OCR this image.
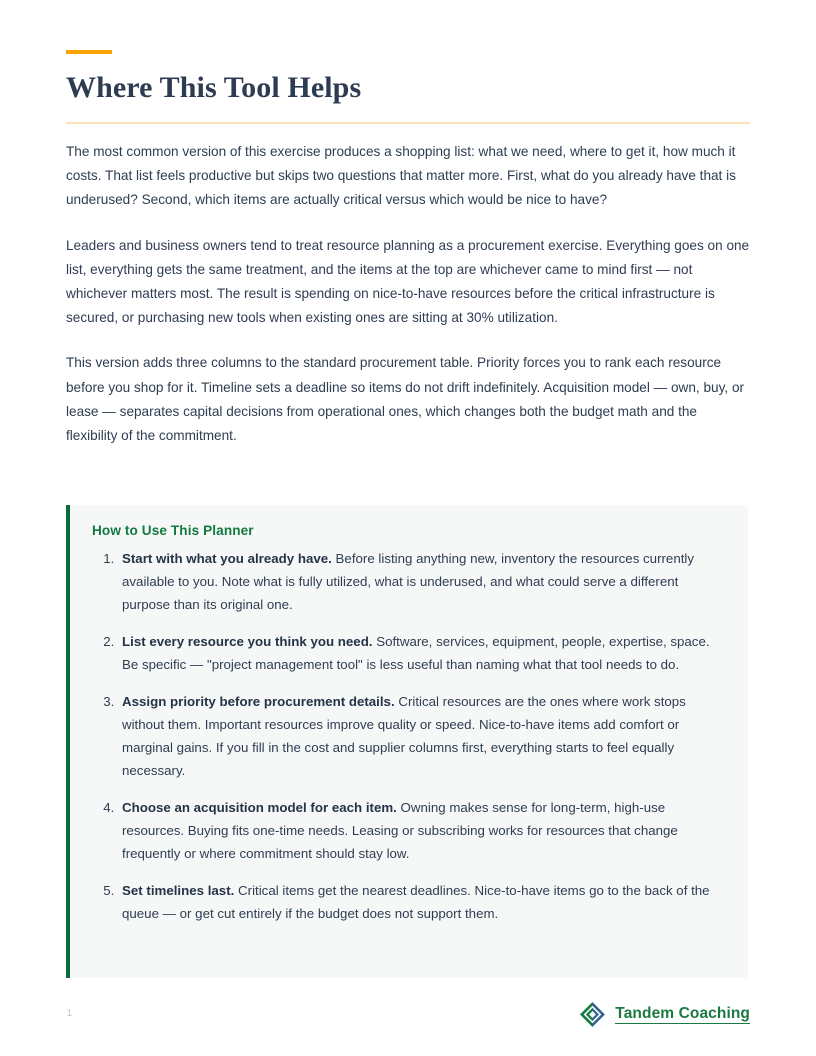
Where This Tool Helps

The most common version of this exercise produces a shopping list: what we need, where to get it, how much it costs. That list feels productive but skips two questions that matter more. First, what do you already have that is underused? Second, which items are actually critical versus which would be nice to have?

Leaders and business owners tend to treat resource planning as a procurement exercise. Everything goes on one list, everything gets the same treatment, and the items at the top are whichever came to mind first — not whichever matters most. The result is spending on nice-to-have resources before the critical infrastructure is secured, or purchasing new tools when existing ones are sitting at 30% utilization.

This version adds three columns to the standard procurement table. Priority forces you to rank each resource before you shop for it. Timeline sets a deadline so items do not drift indefinitely. Acquisition model — own, buy, or lease — separates capital decisions from operational ones, which changes both the budget math and the flexibility of the commitment.

How to Use This Planner
1. Start with what you already have. Before listing anything new, inventory the resources currently available to you. Note what is fully utilized, what is underused, and what could serve a different purpose than its original one.
2. List every resource you think you need. Software, services, equipment, people, expertise, space. Be specific — "project management tool" is less useful than naming what that tool needs to do.
3. Assign priority before procurement details. Critical resources are the ones where work stops without them. Important resources improve quality or speed. Nice-to-have items add comfort or marginal gains. If you fill in the cost and supplier columns first, everything starts to feel equally necessary.
4. Choose an acquisition model for each item. Owning makes sense for long-term, high-use resources. Buying fits one-time needs. Leasing or subscribing works for resources that change frequently or where commitment should stay low.
5. Set timelines last. Critical items get the nearest deadlines. Nice-to-have items go to the back of the queue — or get cut entirely if the budget does not support them.
1	Tandem Coaching
